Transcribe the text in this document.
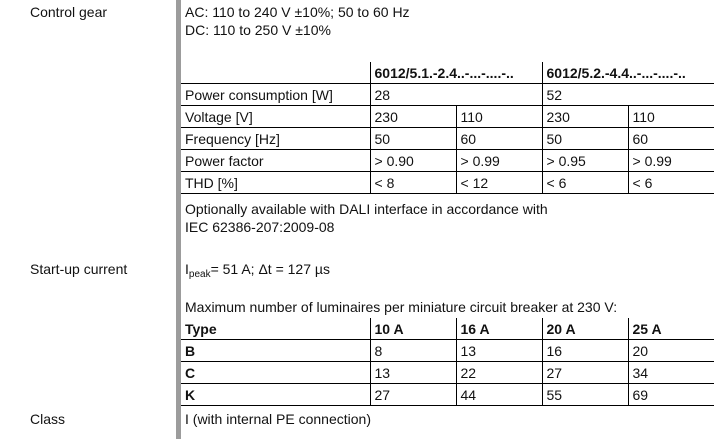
Control gear	AC: 110 to 240 V ±10%; 50 to 60 Hz
DC: 110 to 250 V ±10%
	6012/5.1.-2.4..-...-....-..		6012/5.2.-4.4..-...-....-..	
Power consumption [W]	28		52	
Voltage [V]	230	110	230	110
Frequency [Hz]	50	60	50	60
Power factor	> 0.90	> 0.99	> 0.95	> 0.99
THD [%]	< 8	< 12	< 6	< 6
Optionally available with DALI interface in accordance with
IEC 62386-207:2009-08
Start-up current	$I_{peak}= 51$ A; Δt = 127 µs
Maximum number of luminaires per miniature circuit breaker at 230 V:
Type	10 A	16 A	20 A	25 A
B	8	13	16	20
C	13	22	27	34
K	27	44	55	69
Class	I (with internal PE connection)
